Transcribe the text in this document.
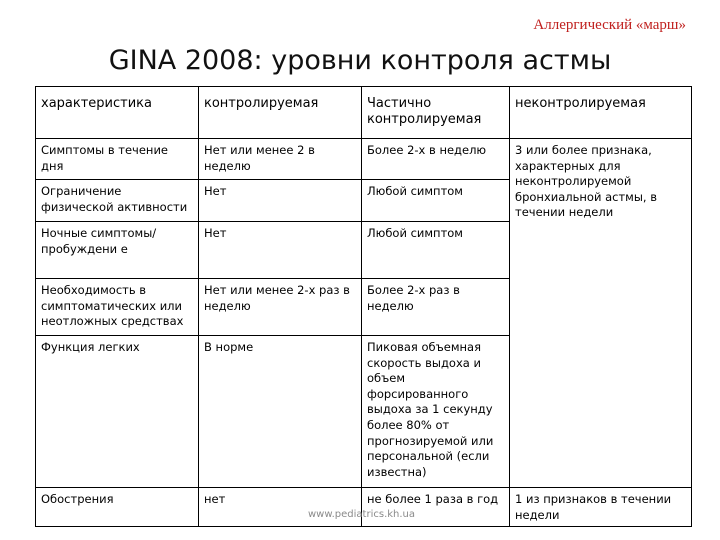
Аллергический «марш»
GINA 2008: уровни контроля астмы
характеристика	контролируемая	Частично контролируемая	неконтролируемая
Симптомы в течение дня	Нет или менее 2 в неделю	Более 2-х в неделю	3 или более признака, характерных для неконтролируемой бронхиальной астмы, в течении недели
Ограничение физической активности	Нет	Любой симптом	
Ночные симптомы/пробуждени е	Нет	Любой симптом	
Необходимость в симптоматических или неотложных средствах	Нет или менее 2-х раз в неделю	Более 2-х раз в неделю	
Функция легких	В норме	Пиковая объемная скорость выдоха и объем форсированного выдоха за 1 секунду более 80% от прогнозируемой или персональной (если известна)	
Обострения	нет	не более 1 раза в год	1 из признаков в течении недели
www.pediatrics.kh.ua
